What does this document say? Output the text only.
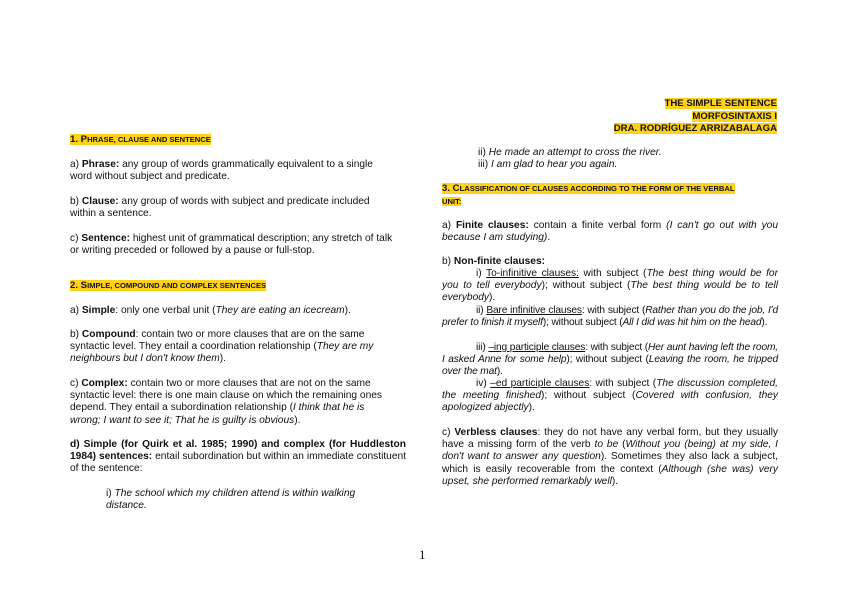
THE SIMPLE SENTENCE
MORFOSINTAXIS I
DRA. RODRÍGUEZ ARRIZABALAGA
1. PHRASE, CLAUSE AND SENTENCE

a) Phrase: any group of words grammatically equivalent to a single word without subject and predicate.

b) Clause: any group of words with subject and predicate included within a sentence.

c) Sentence: highest unit of grammatical description; any stretch of talk or writing preceded or followed by a pause or full-stop.

2. SIMPLE, COMPOUND AND COMPLEX SENTENCES

a) Simple: only one verbal unit (They are eating an icecream).

b) Compound: contain two or more clauses that are on the same syntactic level. They entail a coordination relationship (They are my neighbours but I don't know them).

c) Complex: contain two or more clauses that are not on the same syntactic level: there is one main clause on which the remaining ones depend. They entail a subordination relationship (I think that he is wrong; I want to see it; That he is guilty is obvious).

d) Simple (for Quirk et al. 1985; 1990) and complex (for Huddleston 1984) sentences: entail subordination but within an immediate constituent of the sentence:

i) The school which my children attend is within walking distance.

ii) He made an attempt to cross the river.

iii) I am glad to hear you again.

3. CLASSIFICATION OF CLAUSES ACCORDING TO THE FORM OF THE VERBAL
UNIT:

a) Finite clauses: contain a finite verbal form (I can't go out with you because I am studying).

b) Non-finite clauses:

i) To-infinitive clauses: with subject (The best thing would be for you to tell everybody); without subject (The best thing would be to tell everybody).

ii) Bare infinitive clauses: with subject (Rather than you do the job, I'd prefer to finish it myself); without subject (All I did was hit him on the head).

iii) –ing participle clauses: with subject (Her aunt having left the room, I asked Anne for some help); without subject (Leaving the room, he tripped over the mat).

iv) –ed participle clauses: with subject (The discussion completed, the meeting finished); without subject (Covered with confusion, they apologized abjectly).

c) Verbless clauses: they do not have any verbal form, but they usually have a missing form of the verb to be (Without you (being) at my side, I don't want to answer any question). Sometimes they also lack a subject, which is easily recoverable from the context (Although (she was) very upset, she performed remarkably well).

1
